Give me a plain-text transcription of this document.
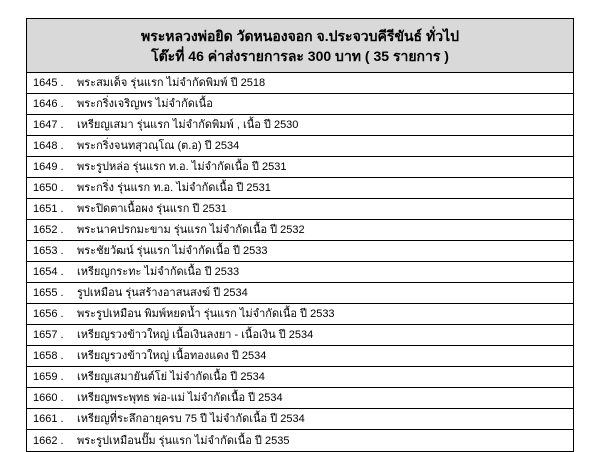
พระหลวงพ่อยิด วัดหนองจอก จ.ประจวบคีรีขันธ์ ทั่วไป
โต๊ะที่ 46 ค่าส่งรายการละ 300 บาท ( 35 รายการ )
1645 .	พระสมเด็จ รุ่นแรก ไม่จำกัดพิมพ์ ปี 2518
1646 .	พระกริ่งเจริญพร ไม่จำกัดเนื้อ
1647 .	เหรียญเสมา รุ่นแรก ไม่จำกัดพิมพ์ , เนื้อ ปี 2530
1648 .	พระกริ่งจนทสุวณฺโณ (ต.อ) ปี 2534
1649 .	พระรูปหล่อ รุ่นแรก ท.อ. ไม่จำกัดเนื้อ ปี 2531
1650 .	พระกริ่ง รุ่นแรก ท.อ. ไม่จำกัดเนื้อ ปี 2531
1651 .	พระปิดตาเนื้อผง รุ่นแรก ปี 2531
1652 .	พระนาคปรกมะขาม รุ่นแรก ไม่จำกัดเนื้อ ปี 2532
1653 .	พระชัยวัฒน์ รุ่นแรก ไม่จำกัดเนื้อ ปี 2533
1654 .	เหรียญกระทะ ไม่จำกัดเนื้อ ปี 2533
1655 .	รูปเหมือน รุ่นสร้างอาสนสงฆ์ ปี 2534
1656 .	พระรูปเหมือน พิมพ์หยดน้ำ รุ่นแรก ไม่จำกัดเนื้อ ปี 2533
1657 .	เหรียญรวงข้าวใหญ่ เนื้อเงินลงยา - เนื้อเงิน ปี 2534
1658 .	เหรียญรวงข้าวใหญ่ เนื้อทองแดง ปี 2534
1659 .	เหรียญเสมายันต์โย่ ไม่จำกัดเนื้อ ปี 2534
1660 .	เหรียญพระพุทธ พ่อ-แม่ ไม่จำกัดเนื้อ ปี 2534
1661 .	เหรียญที่ระลึกอายุครบ 75 ปี ไม่จำกัดเนื้อ ปี 2534
1662 .	พระรูปเหมือนปั๊ม รุ่นแรก ไม่จำกัดเนื้อ ปี 2535
